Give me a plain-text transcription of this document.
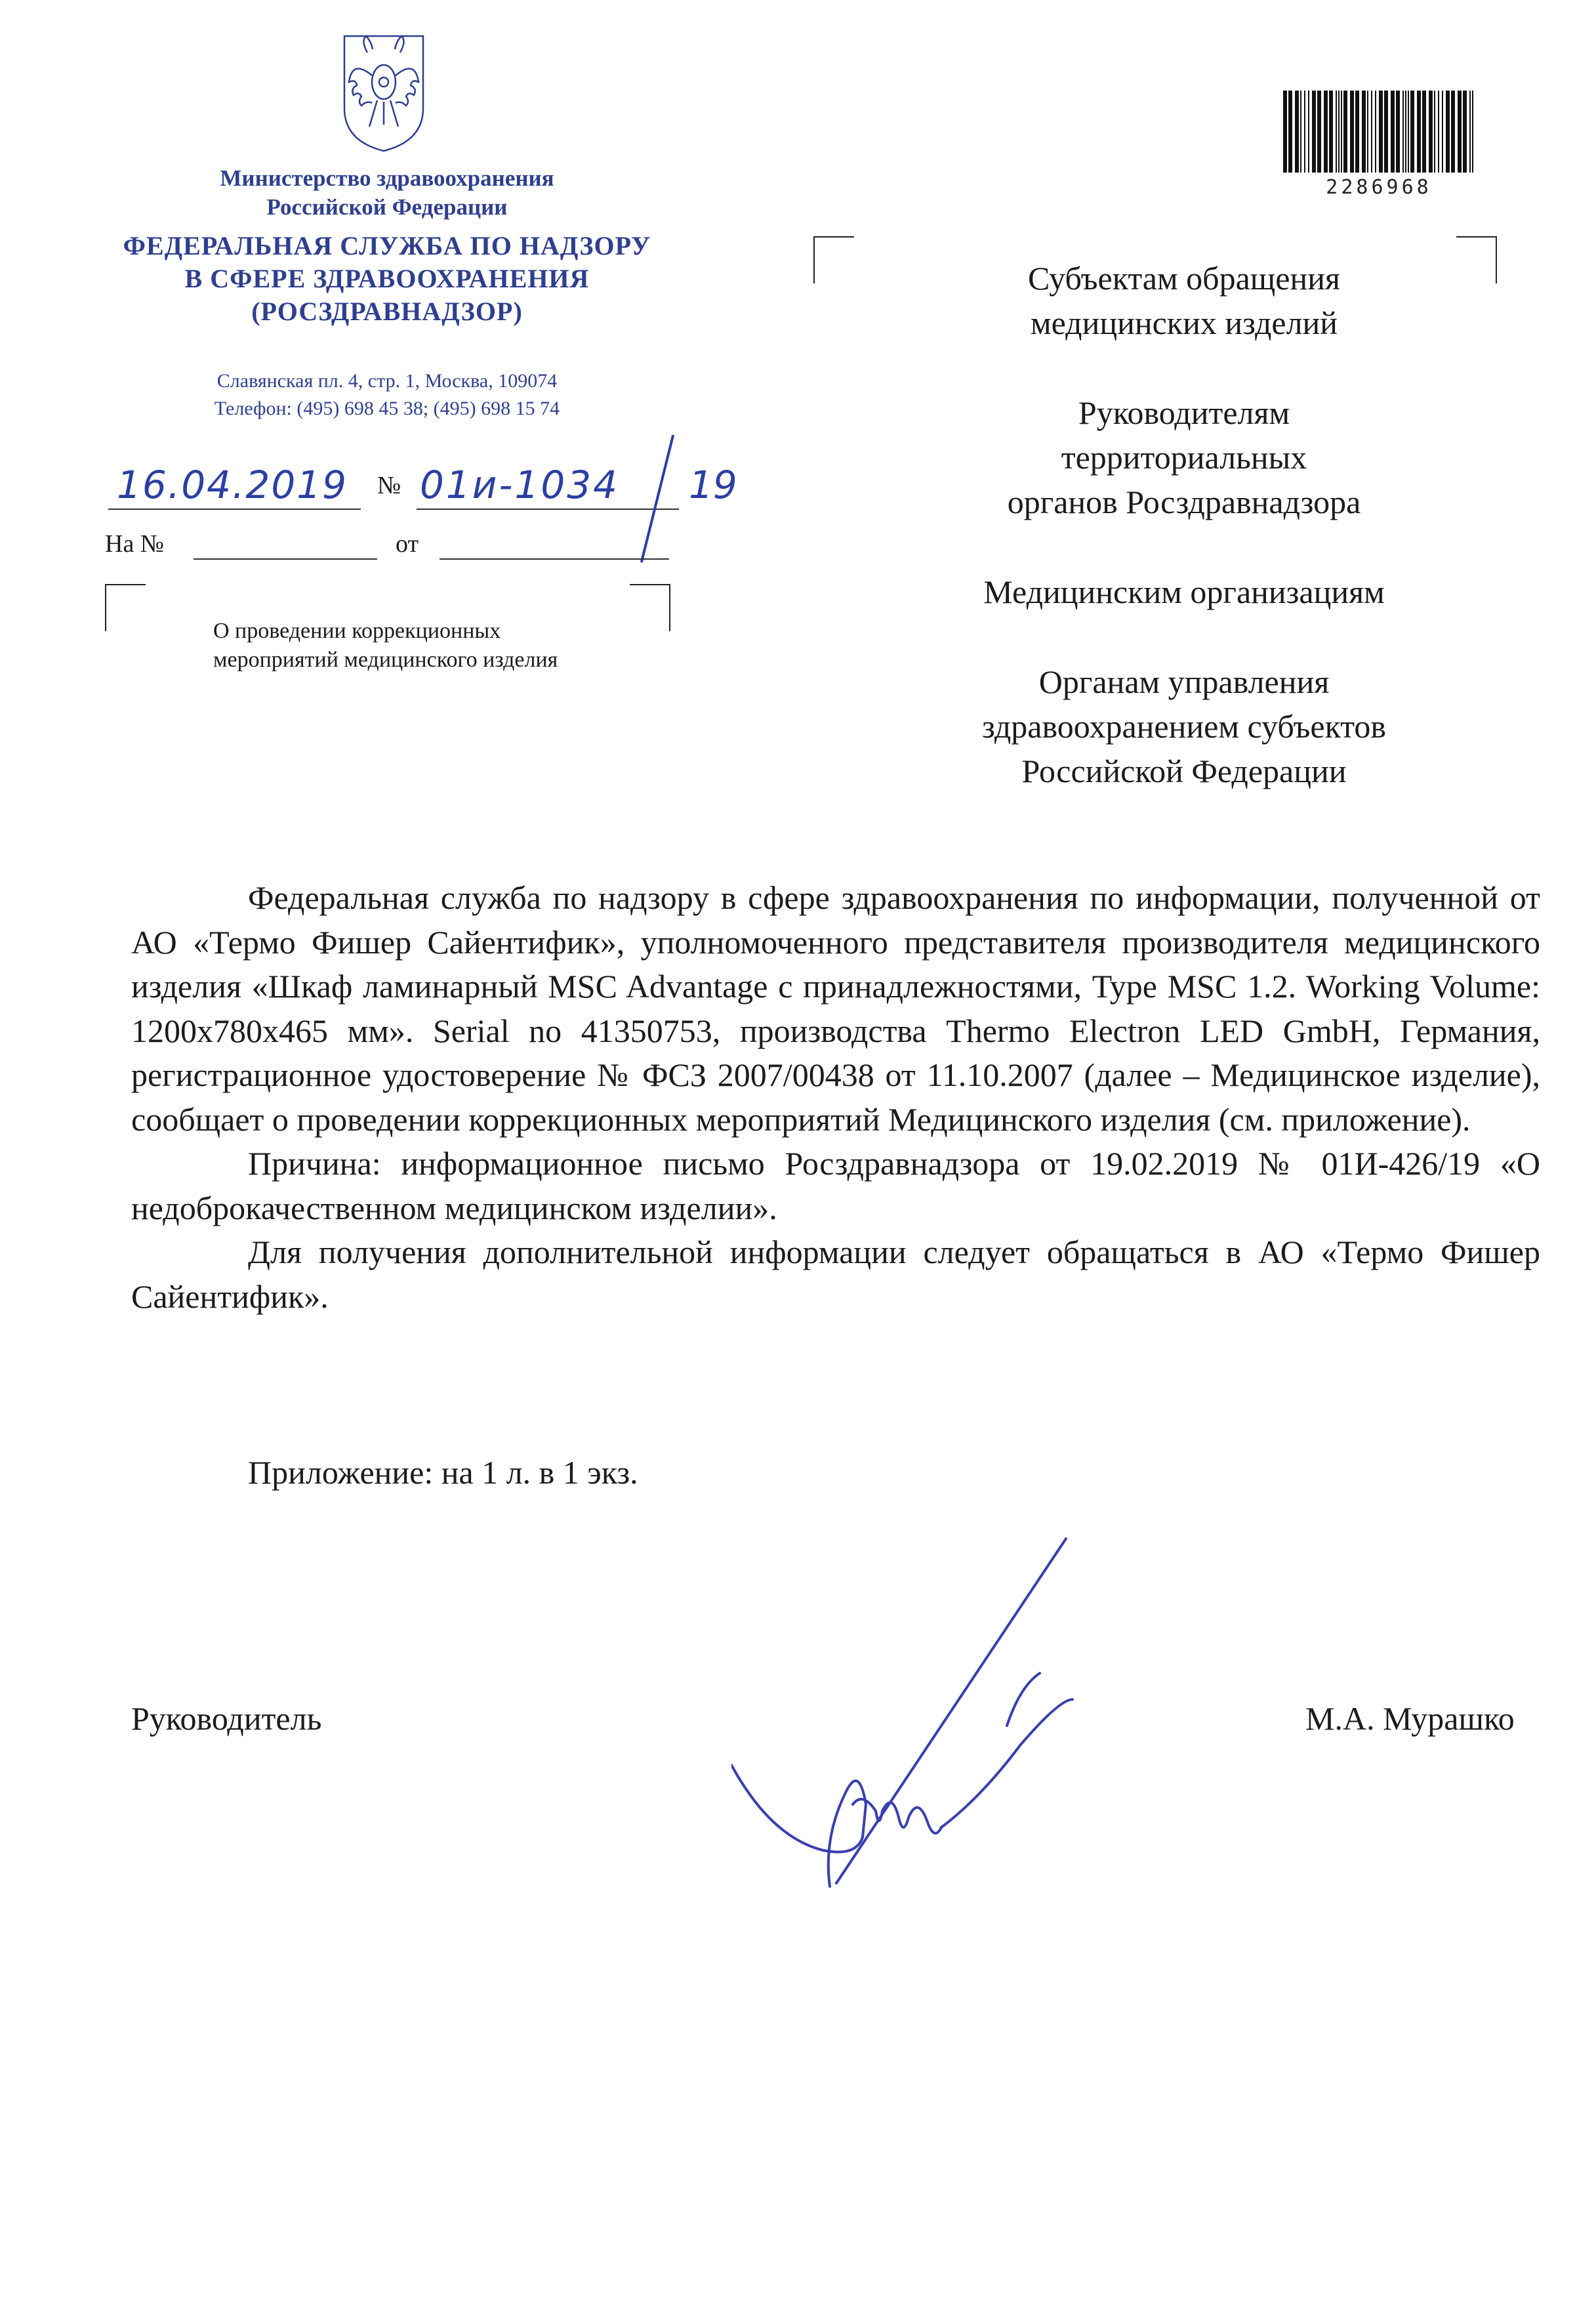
Министерство здравоохранения
Российской Федерации
ФЕДЕРАЛЬНАЯ СЛУЖБА ПО НАДЗОРУ
В СФЕРЕ ЗДРАВООХРАНЕНИЯ
(РОСЗДРАВНАДЗОР)
Славянская пл. 4, стр. 1, Москва, 109074
Телефон: (495) 698 45 38; (495) 698 15 74
16.04.2019 № 01и-1034 19
На №	от
О проведении коррекционных
мероприятий медицинского изделия
2286968
Субъектам обращения
медицинских изделий
Руководителям
территориальных
органов Росздравнадзора
Медицинским организациям
Органам управления
здравоохранением субъектов
Российской Федерации

Федеральная служба по надзору в сфере здравоохранения по информации, полученной от АО «Термо Фишер Сайентифик», уполномоченного представителя производителя медицинского изделия «Шкаф ламинарный MSC Advantage с принадлежностями, Type MSC 1.2. Working Volume: 1200x780x465 мм». Serial no 41350753, производства Thermo Electron LED GmbH, Германия, регистрационное удостоверение № ФСЗ 2007/00438 от 11.10.2007 (далее – Медицинское изделие), сообщает о проведении коррекционных мероприятий Медицинского изделия (см. приложение).

Причина: информационное письмо Росздравнадзора от 19.02.2019 № 01И-426/19 «О недоброкачественном медицинском изделии».

Для получения дополнительной информации следует обращаться в АО «Термо Фишер Сайентифик».

Приложение: на 1 л. в 1 экз.
Руководитель	М.А. Мурашко
